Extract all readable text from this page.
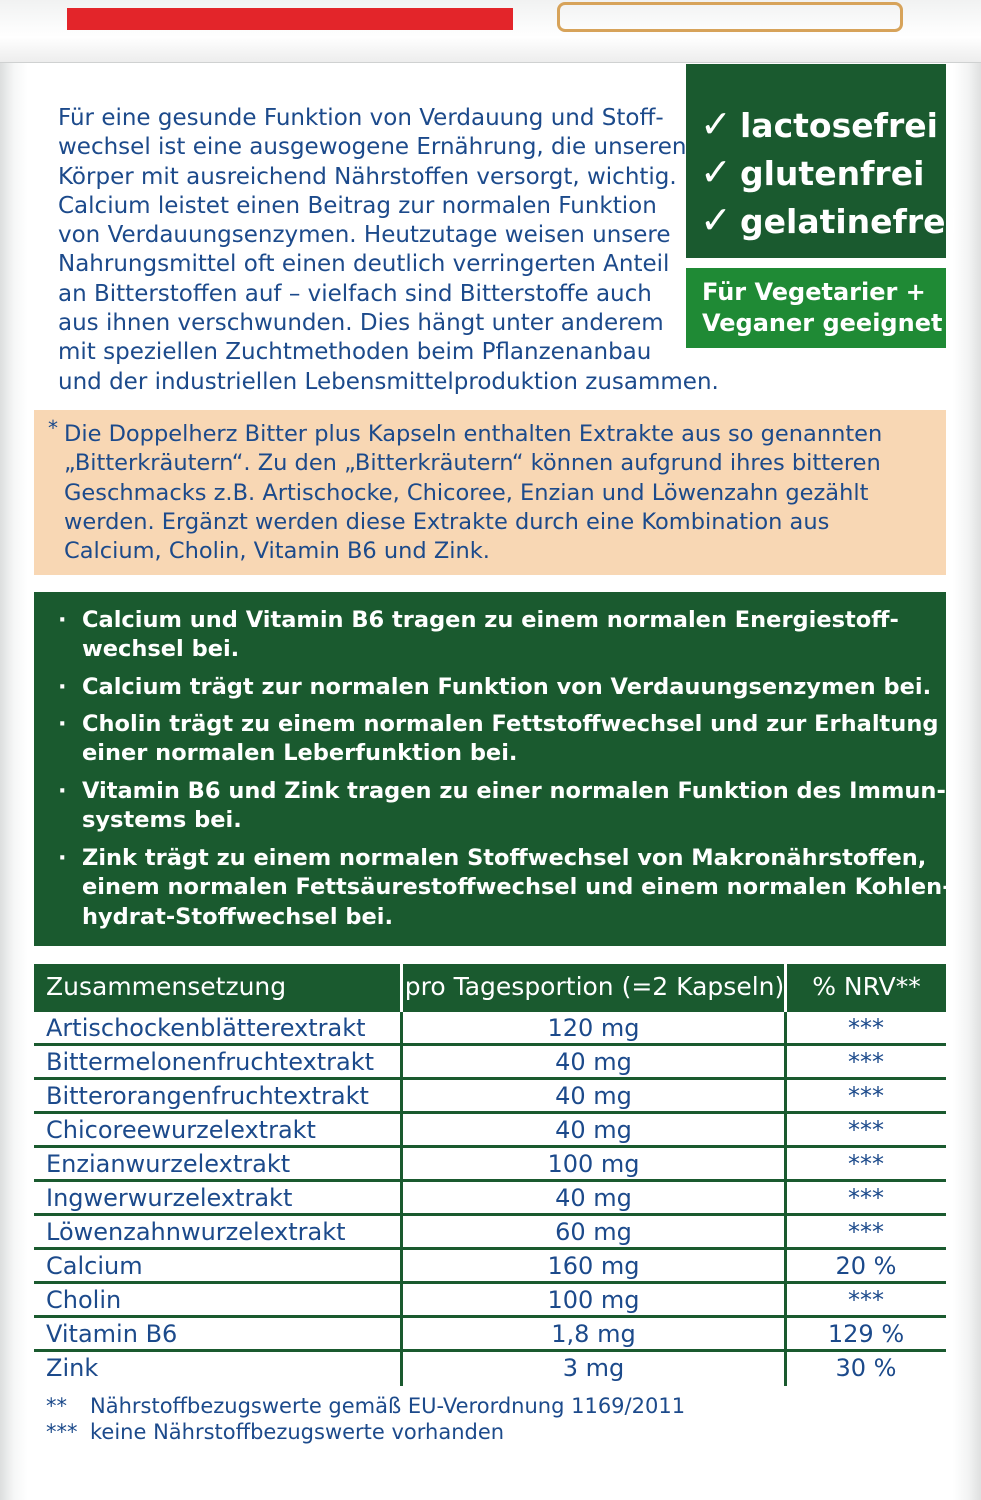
Für eine gesunde Funktion von Verdauung und Stoff-
wechsel ist eine ausgewogene Ernährung, die unseren
Körper mit ausreichend Nährstoffen versorgt, wichtig.
Calcium leistet einen Beitrag zur normalen Funktion
von Verdauungsenzymen. Heutzutage weisen unsere
Nahrungsmittel oft einen deutlich verringerten Anteil
an Bitterstoffen auf – vielfach sind Bitterstoffe auch
aus ihnen verschwunden. Dies hängt unter anderem
mit speziellen Zuchtmethoden beim Pflanzenanbau
und der industriellen Lebensmittelproduktion zusammen.
✓ lactosefrei
✓ glutenfrei
✓ gelatinefrei
Für Vegetarier +
Veganer geeignet
* Die Doppelherz Bitter plus Kapseln enthalten Extrakte aus so genannten
„Bitterkräutern“. Zu den „Bitterkräutern“ können aufgrund ihres bitteren
Geschmacks z.B. Artischocke, Chicoree, Enzian und Löwenzahn gezählt
werden. Ergänzt werden diese Extrakte durch eine Kombination aus
Calcium, Cholin, Vitamin B6 und Zink.
· Calcium und Vitamin B6 tragen zu einem normalen Energiestoff-
wechsel bei.
· Calcium trägt zur normalen Funktion von Verdauungsenzymen bei.
· Cholin trägt zu einem normalen Fettstoffwechsel und zur Erhaltung
einer normalen Leberfunktion bei.
· Vitamin B6 und Zink tragen zu einer normalen Funktion des Immun-
systems bei.
· Zink trägt zu einem normalen Stoffwechsel von Makronährstoffen,
einem normalen Fettsäurestoffwechsel und einem normalen Kohlen-
hydrat-Stoffwechsel bei.
Zusammensetzung	pro Tagesportion (=2 Kapseln)	% NRV**
Artischockenblätterextrakt	120 mg	***
Bittermelonenfruchtextrakt	40 mg	***
Bitterorangenfruchtextrakt	40 mg	***
Chicoreewurzelextrakt	40 mg	***
Enzianwurzelextrakt	100 mg	***
Ingwerwurzelextrakt	40 mg	***
Löwenzahnwurzelextrakt	60 mg	***
Calcium	160 mg	20 %
Cholin	100 mg	***
Vitamin B6	1,8 mg	129 %
Zink	3 mg	30 %
** Nährstoffbezugswerte gemäß EU-Verordnung 1169/2011
*** keine Nährstoffbezugswerte vorhanden
